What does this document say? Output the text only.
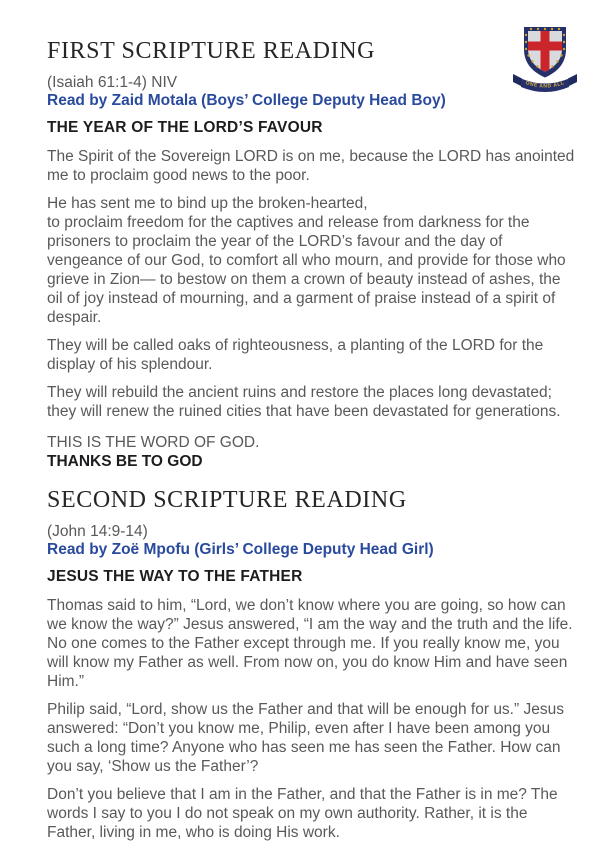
ONE AND ALL
FIRST SCRIPTURE READING

(Isaiah 61:1-4) NIV

Read by Zaid Motala (Boys’ College Deputy Head Boy)

THE YEAR OF THE LORD’S FAVOUR

The Spirit of the Sovereign LORD is on me, because the LORD has anointed me to proclaim good news to the poor.

He has sent me to bind up the broken-hearted,
to proclaim freedom for the captives and release from darkness for the prisoners to proclaim the year of the LORD’s favour and the day of vengeance of our God, to comfort all who mourn, and provide for those who grieve in Zion— to bestow on them a crown of beauty instead of ashes, the oil of joy instead of mourning, and a garment of praise instead of a spirit of despair.

They will be called oaks of righteousness, a planting of the LORD for the display of his splendour.

They will rebuild the ancient ruins and restore the places long devastated; they will renew the ruined cities that have been devastated for generations.

THIS IS THE WORD OF GOD.

THANKS BE TO GOD

SECOND SCRIPTURE READING

(John 14:9-14)

Read by Zoë Mpofu (Girls’ College Deputy Head Girl)

JESUS THE WAY TO THE FATHER

Thomas said to him, “Lord, we don’t know where you are going, so how can we know the way?” Jesus answered, “I am the way and the truth and the life. No one comes to the Father except through me. If you really know me, you will know my Father as well. From now on, you do know Him and have seen Him.”

Philip said, “Lord, show us the Father and that will be enough for us.” Jesus answered: “Don’t you know me, Philip, even after I have been among you such a long time? Anyone who has seen me has seen the Father. How can you say, ‘Show us the Father’?

Don’t you believe that I am in the Father, and that the Father is in me? The words I say to you I do not speak on my own authority. Rather, it is the Father, living in me, who is doing His work.
